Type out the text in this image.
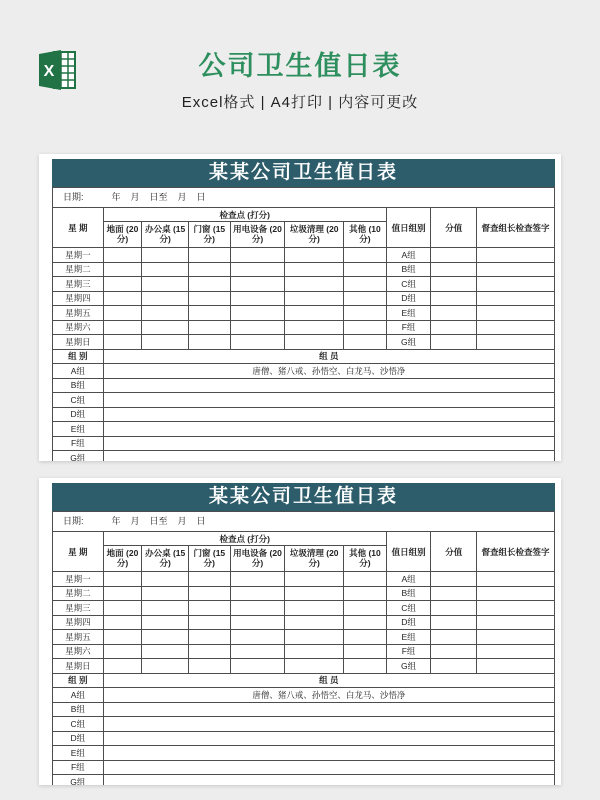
X	公司卫生值日表

Excel格式 | A4打印 | 内容可更改

某某公司卫生值日表
日期:	年    月    日至    月    日
星 期	检查点 (打分)						值日组别	分值	督查组长检查签字
	地面 (20分)	办公桌 (15分)	门窗 (15分)	用电设备 (20分)	垃圾清理 (20分)	其他 (10分)			
星期一							A组		
星期二							B组		
星期三							C组		
星期四							D组		
星期五							E组		
星期六							F组		
星期日							G组		
组 别	组 员								
A组	唐僧、猪八戒、孙悟空、白龙马、沙悟净								
B组									
C组									
D组									
E组									
F组									
G组									
某某公司卫生值日表
日期:	年    月    日至    月    日
星 期	检查点 (打分)						值日组别	分值	督查组长检查签字
	地面 (20分)	办公桌 (15分)	门窗 (15分)	用电设备 (20分)	垃圾清理 (20分)	其他 (10分)			
星期一							A组		
星期二							B组		
星期三							C组		
星期四							D组		
星期五							E组		
星期六							F组		
星期日							G组		
组 别	组 员								
A组	唐僧、猪八戒、孙悟空、白龙马、沙悟净								
B组									
C组									
D组									
E组									
F组									
G组									
